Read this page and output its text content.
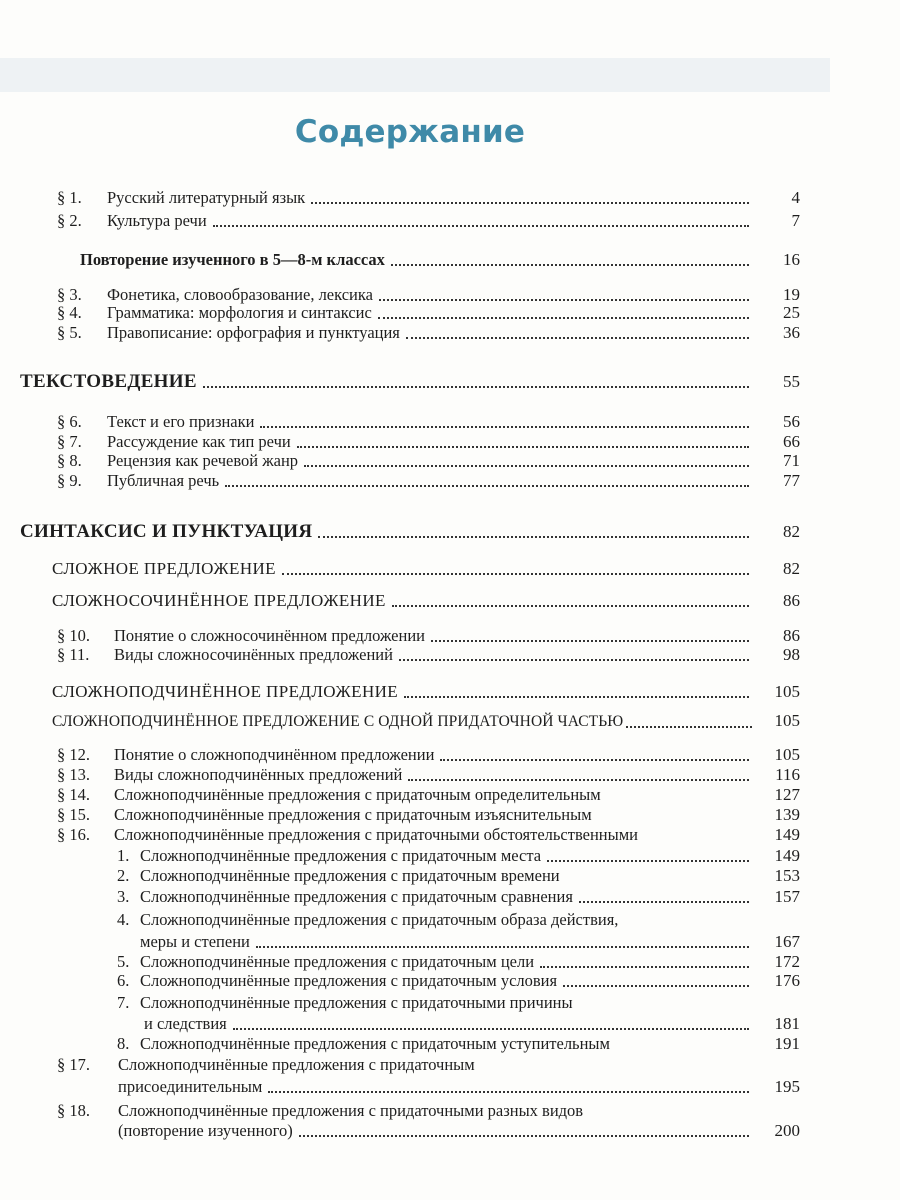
Содержание
§ 1. Русский литературный язык	4
§ 2. Культура речи	7
Повторение изученного в 5—8-м классах	16
§ 3. Фонетика, словообразование, лексика	19
§ 4. Грамматика: морфология и синтаксис	25
§ 5. Правописание: орфография и пунктуация	36
ТЕКСТОВЕДЕНИЕ	55
§ 6. Текст и его признаки	56
§ 7. Рассуждение как тип речи	66
§ 8. Рецензия как речевой жанр	71
§ 9. Публичная речь	77
СИНТАКСИС И ПУНКТУАЦИЯ	82
СЛОЖНОЕ ПРЕДЛОЖЕНИЕ	82
СЛОЖНОСОЧИНЁННОЕ ПРЕДЛОЖЕНИЕ	86
§ 10. Понятие о сложносочинённом предложении	86
§ 11. Виды сложносочинённых предложений	98
СЛОЖНОПОДЧИНЁННОЕ ПРЕДЛОЖЕНИЕ	105
СЛОЖНОПОДЧИНЁННОЕ ПРЕДЛОЖЕНИЕ С ОДНОЙ ПРИДАТОЧНОЙ ЧАСТЬЮ	105
§ 12. Понятие о сложноподчинённом предложении	105
§ 13. Виды сложноподчинённых предложений	116
§ 14. Сложноподчинённые предложения с придаточным определительным	127
§ 15. Сложноподчинённые предложения с придаточным изъяснительным	139
§ 16. Сложноподчинённые предложения с придаточными обстоятельственными	149
1. Сложноподчинённые предложения с придаточным места	149
2. Сложноподчинённые предложения с придаточным времени	153
3. Сложноподчинённые предложения с придаточным сравнения	157
4. Сложноподчинённые предложения с придаточным образа действия,
меры и степени	167
5. Сложноподчинённые предложения с придаточным цели	172
6. Сложноподчинённые предложения с придаточным условия	176
7. Сложноподчинённые предложения с придаточными причины
и следствия	181
8. Сложноподчинённые предложения с придаточным уступительным	191
§ 17. Сложноподчинённые предложения с придаточным
присоединительным	195
§ 18. Сложноподчинённые предложения с придаточными разных видов
(повторение изученного)	200
